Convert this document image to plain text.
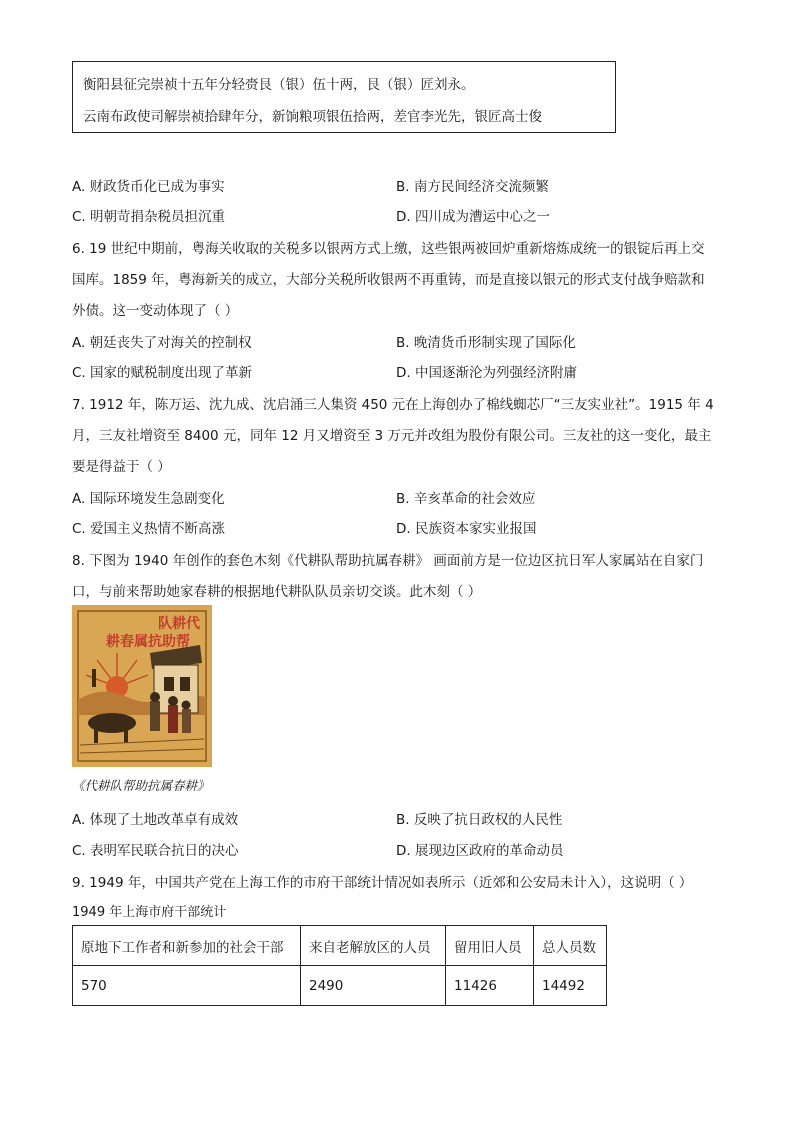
衡阳县征完崇祯十五年分轻赍艮（银）伍十两，艮（银）匠刘永。
云南布政使司解崇祯拾肆年分，新饷粮项银伍拾两，差官李光先，银匠高士俊
A. 财政货币化已成为事实	B. 南方民间经济交流频繁
C. 明朝苛捐杂税员担沉重	D. 四川成为漕运中心之一
6. 19 世纪中期前，粤海关收取的关税多以银两方式上缴，这些银两被回炉重新熔炼成统一的银锭后再上交
国库。1859 年，粤海新关的成立，大部分关税所收银两不再重铸，而是直接以银元的形式支付战争赔款和
外债。这一变动体现了（ ）
A. 朝廷丧失了对海关的控制权	B. 晚清货币形制实现了国际化
C. 国家的赋税制度出现了革新	D. 中国逐渐沦为列强经济附庸
7. 1912 年，陈万运、沈九成、沈启涌三人集资 450 元在上海创办了棉线蜘芯厂“三友实业社”。1915 年 4
月，三友社增资至 8400 元，同年 12 月又增资至 3 万元并改组为股份有限公司。三友社的这一变化，最主
要是得益于（ ）
A. 国际环境发生急剧变化	B. 辛亥革命的社会效应
C. 爱国主义热情不断高涨	D. 民族资本家实业报国
8. 下图为 1940 年创作的套色木刻《代耕队帮助抗属春耕》 画面前方是一位边区抗日军人家属站在自家门
口，与前来帮助她家春耕的根据地代耕队队员亲切交谈。此木刻（ ）
队耕代
耕春属抗助帮
《代耕队帮助抗属春耕》
A. 体现了土地改革卓有成效	B. 反映了抗日政权的人民性
C. 表明军民联合抗日的决心	D. 展现边区政府的革命动员
9. 1949 年，中国共产党在上海工作的市府干部统计情况如表所示（近郊和公安局未计入），这说明（ ）
1949 年上海市府干部统计
原地下工作者和新参加的社会干部	来自老解放区的人员	留用旧人员	总人员数
570	2490	11426	14492
